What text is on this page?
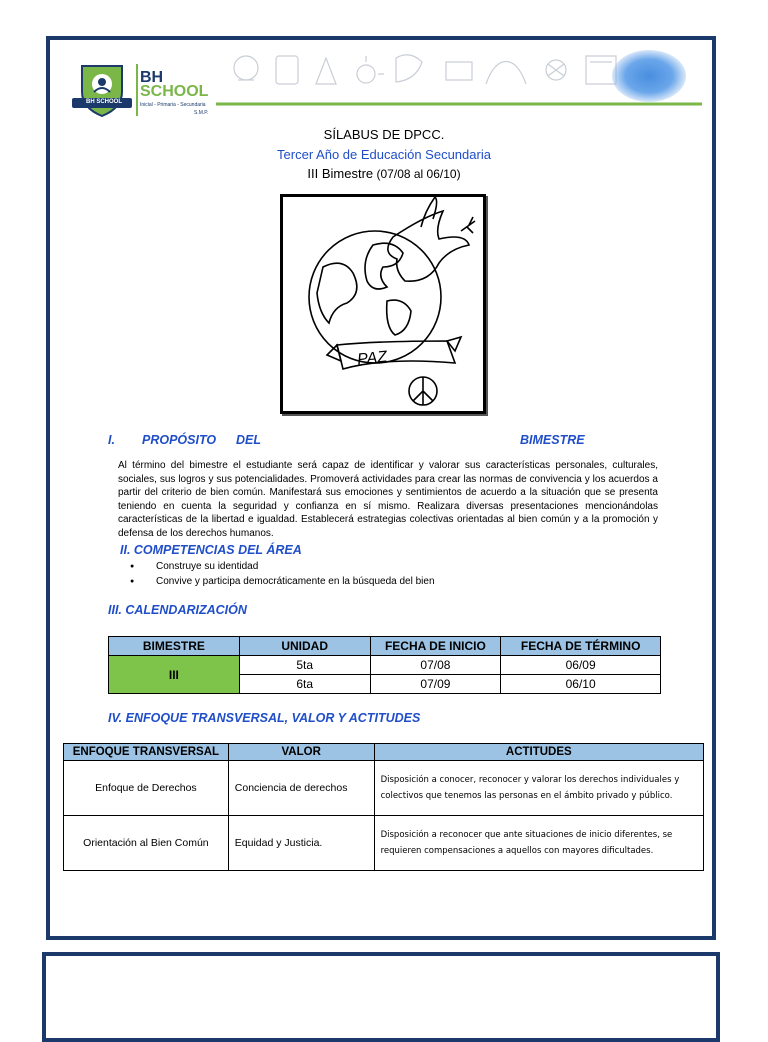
BH SCHOOL
BH
SCHOOL
Inicial - Primaria - Secundaria
S.M.P.
SÍLABUS DE DPCC.
Tercer Año de Educación Secundaria
III Bimestre (07/08 al 06/10)
PAZ
I. PROPÓSITO DEL	BIMESTRE
Al término del bimestre el estudiante será capaz de identificar y valorar sus características personales, culturales, sociales, sus logros y sus potencialidades. Promoverá actividades para crear las normas de convivencia y los acuerdos a partir del criterio de bien común. Manifestará sus emociones y sentimientos de acuerdo a la situación que se presenta teniendo en cuenta la seguridad y confianza en sí mismo. Realizara diversas presentaciones mencionándolas características de la libertad e igualdad. Establecerá estrategias colectivas orientadas al bien común y a la promoción y defensa de los derechos humanos.
II. COMPETENCIAS DEL ÁREA
● Construye su identidad
● Convive y participa democráticamente en la búsqueda del bien
III. CALENDARIZACIÓN
BIMESTRE	UNIDAD	FECHA DE INICIO	FECHA DE TÉRMINO
III	5ta	07/08	06/09
	6ta	07/09	06/10
IV. ENFOQUE TRANSVERSAL, VALOR Y ACTITUDES
ENFOQUE TRANSVERSAL	VALOR	ACTITUDES
Enfoque de Derechos	Conciencia de derechos	Disposición a conocer, reconocer y valorar los derechos individuales y colectivos que tenemos las personas en el ámbito privado y público.
Orientación al Bien Común	Equidad y Justicia.	Disposición a reconocer que ante situaciones de inicio diferentes, se requieren compensaciones a aquellos con mayores dificultades.
